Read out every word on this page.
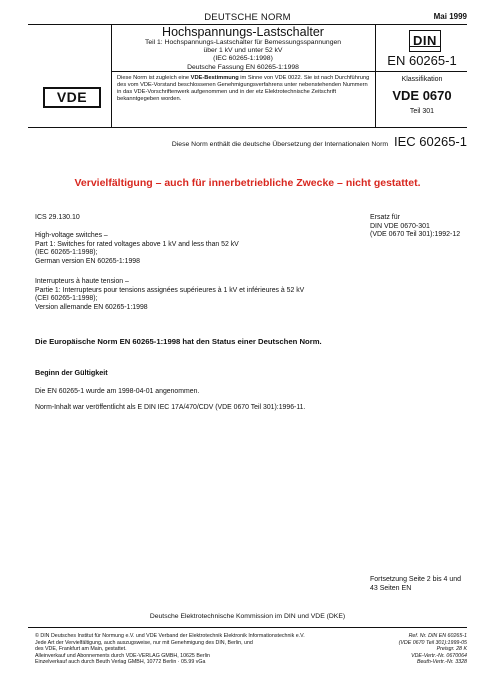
DEUTSCHE NORM	Mai 1999
Hochspannungs-Lastschalter
Teil 1: Hochspannungs-Lastschalter für Bemessungsspannungen
über 1 kV und unter 52 kV
(IEC 60265-1:1998)
Deutsche Fassung EN 60265-1:1998
DIN
EN 60265-1
VDE
Diese Norm ist zugleich eine VDE-Bestimmung im Sinne von VDE 0022. Sie ist nach Durchführung des vom VDE-Vorstand beschlossenen Genehmigungsverfahrens unter nebenstehenden Nummern in das VDE-Vorschriftenwerk aufgenommen und in der etz Elektrotechnische Zeitschrift bekanntgegeben worden.
Klassifikation
VDE 0670
Teil 301
Diese Norm enthält die deutsche Übersetzung der Internationalen Norm IEC 60265-1
Vervielfältigung – auch für innerbetriebliche Zwecke – nicht gestattet.
ICS 29.130.10	Ersatz für
DIN VDE 0670-301
(VDE 0670 Teil 301):1992-12
High-voltage switches –
Part 1: Switches for rated voltages above 1 kV and less than 52 kV
(IEC 60265-1:1998);
German version EN 60265-1:1998
Interrupteurs à haute tension –
Partie 1: Interrupteurs pour tensions assignées supérieures à 1 kV et inférieures à 52 kV
(CEI 60265-1:1998);
Version allemande EN 60265-1:1998
Die Europäische Norm EN 60265-1:1998 hat den Status einer Deutschen Norm.
Beginn der Gültigkeit
Die EN 60265-1 wurde am 1998-04-01 angenommen.
Norm-Inhalt war veröffentlicht als E DIN IEC 17A/470/CDV (VDE 0670 Teil 301):1996-11.
Fortsetzung Seite 2 bis 4 und
43 Seiten EN
Deutsche Elektrotechnische Kommission im DIN und VDE (DKE)
© DIN Deutsches Institut für Normung e.V. und VDE Verband der Elektrotechnik Elektronik Informationstechnik e.V.
Jede Art der Vervielfältigung, auch auszugsweise, nur mit Genehmigung des DIN, Berlin, und
des VDE, Frankfurt am Main, gestattet.
Alleinverkauf und Abonnements durch VDE-VERLAG GMBH, 10625 Berlin
Einzelverkauf auch durch Beuth Verlag GMBH, 10772 Berlin · 05.99 vGa
Ref. Nr. DIN EN 60265-1
(VDE 0670 Teil 301):1999-05
Preisgr. 28 K
VDE-Vertr.-Nr. 0670064
Beuth-Vertr.-Nr. 3328
